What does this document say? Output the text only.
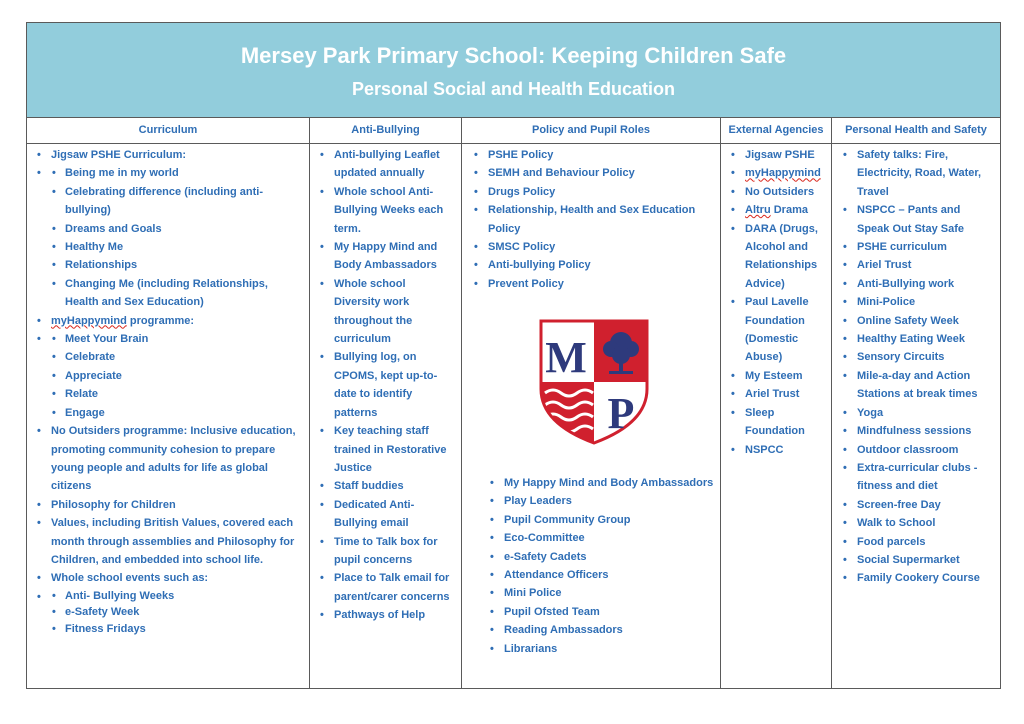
Mersey Park Primary School: Keeping Children Safe
Personal Social and Health Education
Curriculum
• Jigsaw PSHE Curriculum:
• • Being me in my world
• Celebrating difference (including anti-bullying)
• Dreams and Goals
• Healthy Me
• Relationships
• Changing Me (including Relationships, Health and Sex Education)
• myHappymind programme:
• • Meet Your Brain
• Celebrate
• Appreciate
• Relate
• Engage
• No Outsiders programme: Inclusive education, promoting community cohesion to prepare young people and adults for life as global citizens
• Philosophy for Children
• Values, including British Values, covered each month through assemblies and Philosophy for Children, and embedded into school life.
• Whole school events such as:
• • Anti- Bullying Weeks
• e-Safety Week
• Fitness Fridays
Anti-Bullying
• Anti-bullying Leaflet updated annually
• Whole school Anti-Bullying Weeks each term.
• My Happy Mind and Body Ambassadors
• Whole school Diversity work throughout the curriculum
• Bullying log, on CPOMS, kept up-to-date to identify patterns
• Key teaching staff trained in Restorative Justice
• Staff buddies
• Dedicated Anti-Bullying email
• Time to Talk box for pupil concerns
• Place to Talk email for parent/carer concerns
• Pathways of Help
Policy and Pupil Roles
• PSHE Policy
• SEMH and Behaviour Policy
• Drugs Policy
• Relationship, Health and Sex Education Policy
• SMSC Policy
• Anti-bullying Policy
• Prevent Policy
M
P
• My Happy Mind and Body Ambassadors
• Play Leaders
• Pupil Community Group
• Eco-Committee
• e-Safety Cadets
• Attendance Officers
• Mini Police
• Pupil Ofsted Team
• Reading Ambassadors
• Librarians
External Agencies
• Jigsaw PSHE
• myHappymind
• No Outsiders
• Altru Drama
• DARA (Drugs, Alcohol and Relationships Advice)
• Paul Lavelle Foundation (Domestic Abuse)
• My Esteem
• Ariel Trust
• Sleep Foundation
• NSPCC
Personal Health and Safety
• Safety talks: Fire, Electricity, Road, Water, Travel
• NSPCC – Pants and Speak Out Stay Safe
• PSHE curriculum
• Ariel Trust
• Anti-Bullying work
• Mini-Police
• Online Safety Week
• Healthy Eating Week
• Sensory Circuits
• Mile-a-day and Action Stations at break times
• Yoga
• Mindfulness sessions
• Outdoor classroom
• Extra-curricular clubs - fitness and diet
• Screen-free Day
• Walk to School
• Food parcels
• Social Supermarket
• Family Cookery Course
